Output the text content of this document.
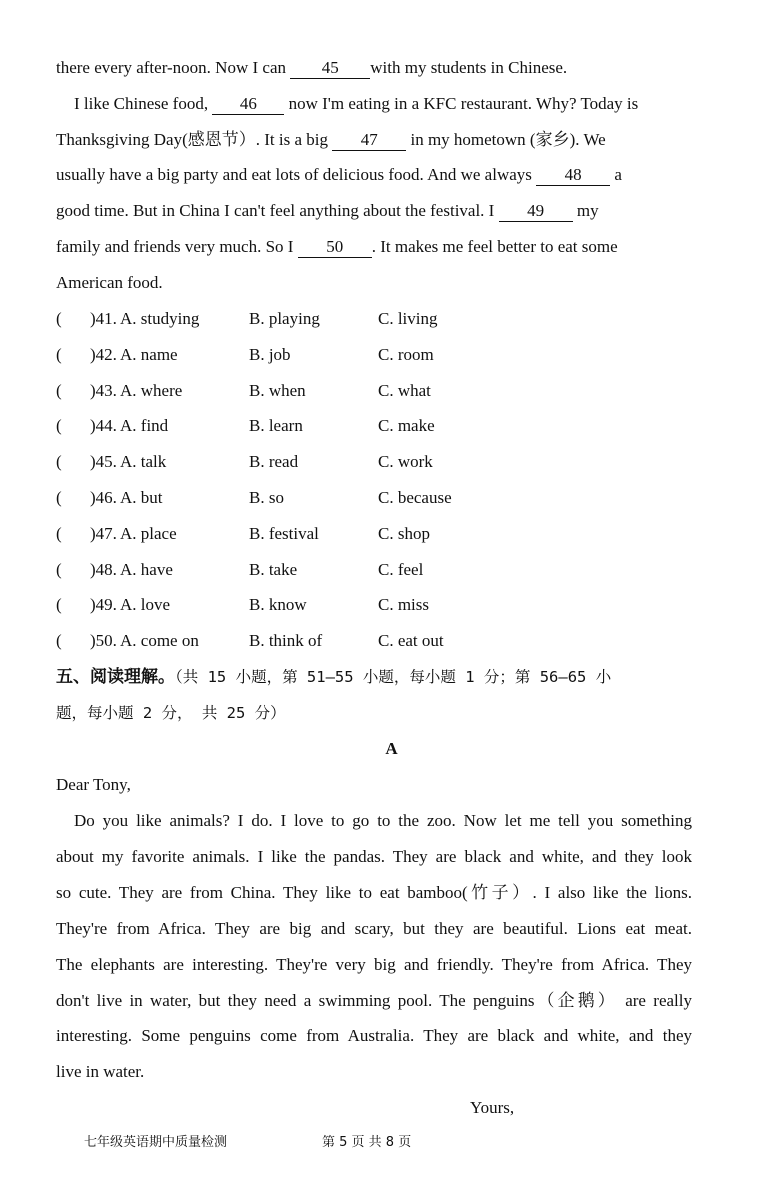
there every after-noon. Now I can 45 with my students in Chinese.
I like Chinese food, 46 now I'm eating in a KFC restaurant. Why? Today is
Thanksgiving Day(感恩节）. It is a big 47 in my hometown (家乡). We
usually have a big party and eat lots of delicious food. And we always 48 a
good time. But in China I can't feel anything about the festival. I 49 my
family and friends very much. So I 50 . It makes me feel better to eat some
American food.
( )41. A. studying	B. playing	C. living
( )42. A. name	B. job	C. room
( )43. A. where	B. when	C. what
( )44. A. find	B. learn	C. make
( )45. A. talk	B. read	C. work
( )46. A. but	B. so	C. because
( )47. A. place	B. festival	C. shop
( )48. A. have	B. take	C. feel
( )49. A. love	B. know	C. miss
( )50. A. come on	B. think of	C. eat out
五、阅读理解。（共 15 小题，第 51—55 小题，每小题 1 分；第 56—65 小
题，每小题 2 分， 共 25 分）
A
Dear Tony,
Do you like animals? I do. I love to go to the zoo. Now let me tell you something
about my favorite animals. I like the pandas. They are black and white, and they look
so cute. They are from China. They like to eat bamboo(竹子）. I also like the lions.
They're from Africa. They are big and scary, but they are beautiful. Lions eat meat.
The elephants are interesting. They're very big and friendly. They're from Africa. They
don't live in water, but they need a swimming pool. The penguins（企鹅） are really
interesting. Some penguins come from Australia. They are black and white, and they
live in water.
Yours,
七年级英语期中质量检测	第 5 页 共 8 页
